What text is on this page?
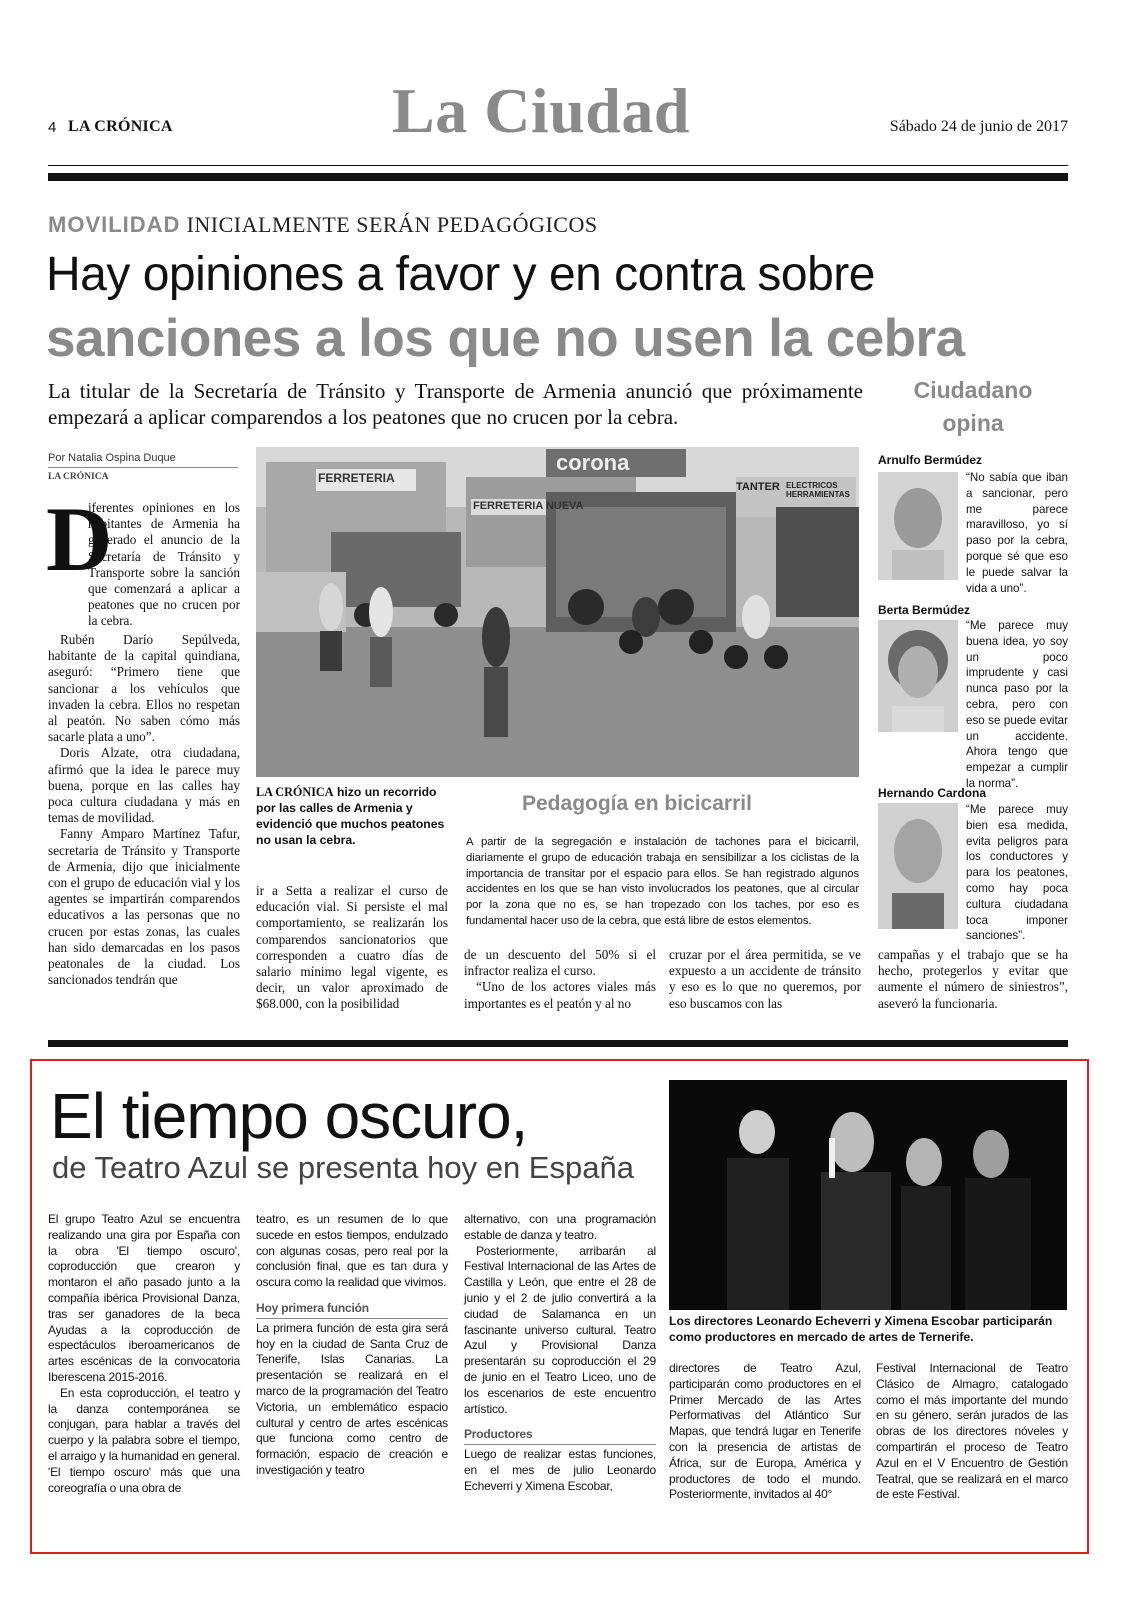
4 LA CRÓNICA	La Ciudad	Sábado 24 de junio de 2017
MOVILIDAD INICIALMENTE SERÁN PEDAGÓGICOS
Hay opiniones a favor y en contra sobre
sanciones a los que no usen la cebra
La titular de la Secretaría de Tránsito y Transporte de Armenia anunció que próximamente empezará a aplicar comparendos a los peatones que no crucen por la cebra.
Por Natalia Ospina Duque
LA CRÓNICA
D

iferentes opiniones en los habitantes de Armenia ha generado el anuncio de la Secretaría de Tránsito y Transporte sobre la sanción que comenzará a aplicar a peatones que no crucen por la cebra.

FERRETERIA
FERRETERIA NUEVA
corona
TANTER ELECTRICOS HERRAMIENTAS
LA CRÓNICA hizo un recorrido por las calles de Armenia y evidenció que muchos peatones no usan la cebra.
Pedagogía en bicicarril
A partir de la segregación e instalación de tachones para el bicicarril, diariamente el grupo de educación trabaja en sensibilizar a los ciclistas de la importancia de transitar por el espacio para ellos. Se han registrado algunos accidentes en los que se han visto involucrados los peatones, que al circular por la zona que no es, se han tropezado con los taches, por eso es fundamental hacer uso de la cebra, que está libre de estos elementos.
ir a Setta a realizar el curso de educación vial. Si persiste el mal comportamiento, se realizarán los comparendos sancionatorios que corresponden a cuatro días de salario mínimo legal vigente, es decir, un valor aproximado de $68.000, con la posibilidad

de un descuento del 50% si el infractor realiza el curso.

“Uno de los actores viales más importantes es el peatón y al no

cruzar por el área permitida, se ve expuesto a un accidente de tránsito y eso es lo que no queremos, por eso buscamos con las
Ciudadano
opina
Arnulfo Bermúdez
“No sabía que iban a sancionar, pero me parece maravilloso, yo sí paso por la cebra, porque sé que eso le puede salvar la vida a uno”.
Berta Bermúdez
“Me parece muy buena idea, yo soy un poco imprudente y casi nunca paso por la cebra, pero con eso se puede evitar un accidente. Ahora tengo que empezar a cumplir la norma”.
Hernando Cardona
“Me parece muy bien esa medida, evita peligros para los conductores y para los peatones, como hay poca cultura ciudadana toca imponer sanciones”.
campañas y el trabajo que se ha hecho, protegerlos y evitar que aumente el número de siniestros”, aseveró la funcionaria.
El tiempo oscuro,
de Teatro Azul se presenta hoy en España
Los directores Leonardo Echeverri y Ximena Escobar participarán como productores en mercado de artes de Ternerife.

El grupo Teatro Azul se encuentra realizando una gira por España con la obra 'El tiempo oscuro', coproducción que crearon y montaron el año pasado junto a la compañía ibérica Provisional Danza, tras ser ganadores de la beca Ayudas a la coproducción de espectáculos iberoamericanos de artes escénicas de la convocatoria Iberescena 2015-2016.

En esta coproducción, el teatro y la danza contemporánea se conjugan, para hablar a través del cuerpo y la palabra sobre el tiempo, el arraigo y la humanidad en general. 'El tiempo oscuro' más que una coreografía o una obra de

teatro, es un resumen de lo que sucede en estos tiempos, endulzado con algunas cosas, pero real por la conclusión final, que es tan dura y oscura como la realidad que vivimos.

Hoy primera función

La primera función de esta gira será hoy en la ciudad de Santa Cruz de Tenerife, Islas Canarias. La presentación se realizará en el marco de la programación del Teatro Victoria, un emblemático espacio cultural y centro de artes escénicas que funciona como centro de formación, espacio de creación e investigación y teatro

alternativo, con una programación estable de danza y teatro.

Posteriormente, arribarán al Festival Internacional de las Artes de Castilla y León, que entre el 28 de junio y el 2 de julio convertirá a la ciudad de Salamanca en un fascinante universo cultural. Teatro Azul y Provisional Danza presentarán su coproducción el 29 de junio en el Teatro Liceo, uno de los escenarios de este encuentro artístico.

Productores

Luego de realizar estas funciones, en el mes de julio Leonardo Echeverri y Ximena Escobar,

directores de Teatro Azul, participarán como productores en el Primer Mercado de las Artes Performativas del Atlántico Sur Mapas, que tendrá lugar en Tenerife con la presencia de artistas de África, sur de Europa, América y productores de todo el mundo. Posteriormente, invitados al 40°
Festival Internacional de Teatro Clásico de Almagro, catalogado como el más importante del mundo en su género, serán jurados de las obras de los directores nóveles y compartirán el proceso de Teatro Azul en el V Encuentro de Gestión Teatral, que se realizará en el marco de este Festival.

Rubén Darío Sepúlveda, habitante de la capital quindiana, aseguró: “Primero tiene que sancionar a los vehículos que invaden la cebra. Ellos no respetan al peatón. No saben cómo más sacarle plata a uno”.

Doris Alzate, otra ciudadana, afirmó que la idea le parece muy buena, porque en las calles hay poca cultura ciudadana y más en temas de movilidad.

Fanny Amparo Martínez Tafur, secretaria de Tránsito y Transporte de Armenia, dijo que inicialmente con el grupo de educación vial y los agentes se impartirán comparendos educativos a las personas que no crucen por estas zonas, las cuales han sido demarcadas en los pasos peatonales de la ciudad. Los sancionados tendrán que
